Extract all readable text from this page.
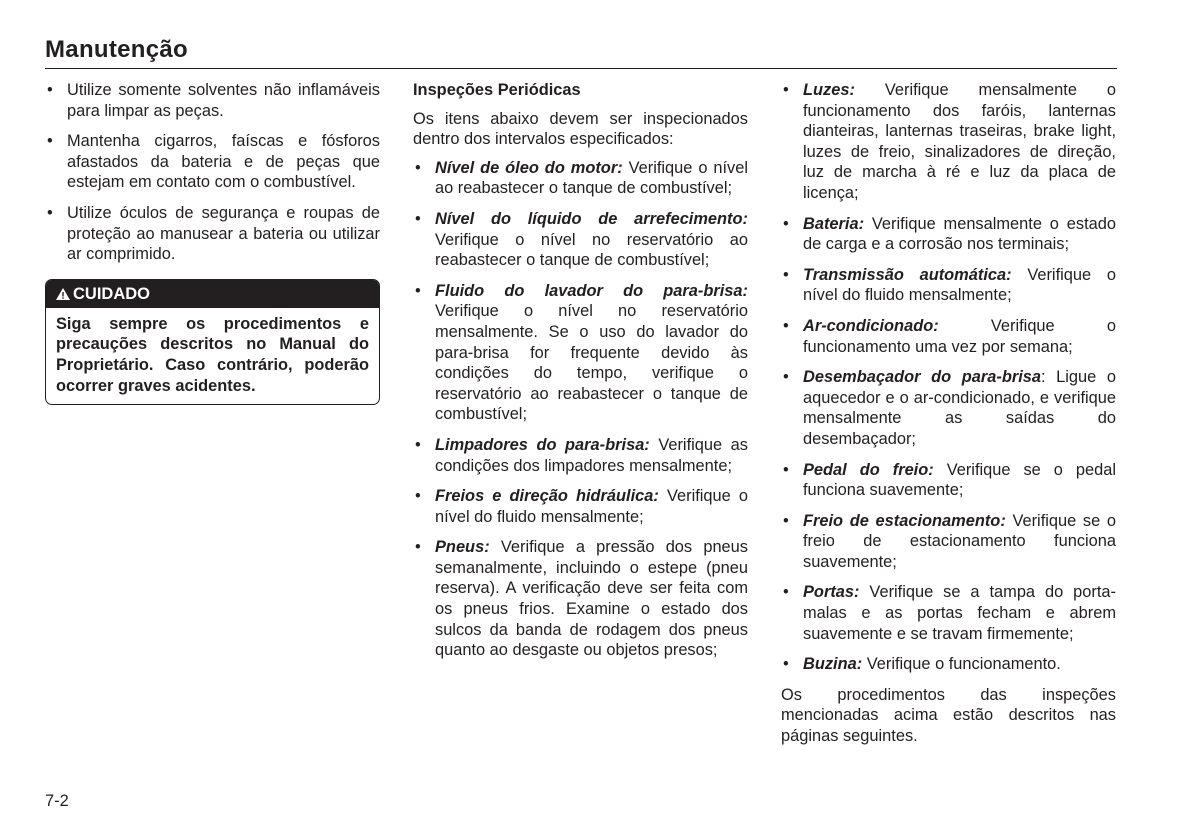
Manutenção
• Utilize somente solventes não inflamáveis para limpar as peças.
• Mantenha cigarros, faíscas e fósforos afastados da bateria e de peças que estejam em contato com o combustível.
• Utilize óculos de segurança e roupas de proteção ao manusear a bateria ou utilizar ar comprimido.
CUIDADO
Siga sempre os procedimentos e precauções descritos no Manual do Proprietário. Caso contrário, poderão ocorrer graves acidentes.
Inspeções Periódicas

Os itens abaixo devem ser inspecionados dentro dos intervalos especificados:

• Nível de óleo do motor: Verifique o nível ao reabastecer o tanque de combustível;
• Nível do líquido de arrefecimento: Verifique o nível no reservatório ao reabastecer o tanque de combustível;
• Fluido do lavador do para-brisa: Verifique o nível no reservatório mensalmente. Se o uso do lavador do para-brisa for frequente devido às condições do tempo, verifique o reservatório ao reabastecer o tanque de combustível;
• Limpadores do para-brisa: Verifique as condições dos limpadores mensalmente;
• Freios e direção hidráulica: Verifique o nível do fluido mensalmente;
• Pneus: Verifique a pressão dos pneus semanalmente, incluindo o estepe (pneu reserva). A verificação deve ser feita com os pneus frios. Examine o estado dos sulcos da banda de rodagem dos pneus quanto ao desgaste ou objetos presos;
• Luzes: Verifique mensalmente o funcionamento dos faróis, lanternas dianteiras, lanternas traseiras, brake light, luzes de freio, sinalizadores de direção, luz de marcha à ré e luz da placa de licença;
• Bateria: Verifique mensalmente o estado de carga e a corrosão nos terminais;
• Transmissão automática: Verifique o nível do fluido mensalmente;
• Ar-condicionado: Verifique o funcionamento uma vez por semana;
• Desembaçador do para-brisa: Ligue o aquecedor e o ar-condicionado, e verifique mensalmente as saídas do desembaçador;
• Pedal do freio: Verifique se o pedal funciona suavemente;
• Freio de estacionamento: Verifique se o freio de estacionamento funciona suavemente;
• Portas: Verifique se a tampa do porta-malas e as portas fecham e abrem suavemente e se travam firmemente;
• Buzina: Verifique o funcionamento.

Os procedimentos das inspeções mencionadas acima estão descritos nas páginas seguintes.

7-2
